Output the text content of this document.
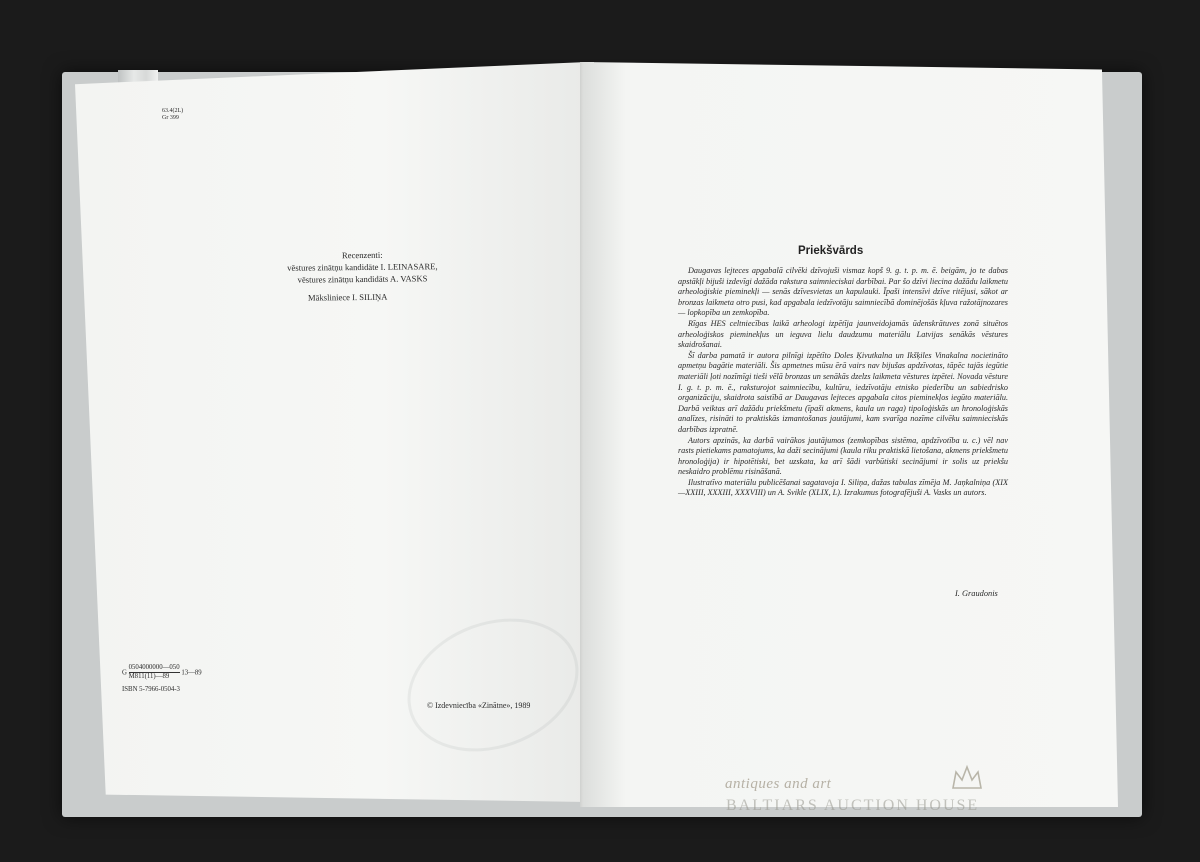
63.4(2L)
Gr 399
Recenzenti:
vēstures zinātņu kandidāte I. LEINASARE,
vēstures zinātņu kandidāts A. VASKS
Mākslinieсe I. SILIŅA
G $\frac{0504000000—050}{M811(11)—89}$ 13—89
ISBN 5-7966-0504-3
© Izdevniecība «Zinātne», 1989
Priekšvārds

Daugavas lejteces apgabalā cilvēki dzīvojuši vismaz kopš 9. g. t. p. m. ē. beigām, jo te dabas apstākļi bijuši izdevīgi dažāda rakstura saimnieciskai darbībai. Par šo dzīvi liecina dažādu laikmetu arheoloģiskie pieminekļi — senās dzīvesvietas un kapulauki. Īpaši intensīvi dzīve ritējusi, sākot ar bronzas laikmeta otro pusi, kad apgabala iedzīvotāju saimniecībā dominējošās kļuva ražotājnozares — lopkopība un zemkopība.

Rīgas HES celtniecības laikā arheologi izpētīja jaunveidojamās ūdenskrātuves zonā situētos arheoloģiskos pieminekļus un ieguva lielu daudzumu materiālu Latvijas senākās vēstures skaidrošanai.

Šī darba pamatā ir autora pilnīgi izpētīto Doles Ķivutkalna un Ikšķiles Vinakalna nocietināto apmetņu bagātie materiāli. Šis apmetnes mūsu ērā vairs nav bijušas apdzīvotas, tāpēc tajās iegūtie materiāli ļoti nozīmīgi tieši vēlā bronzas un senākās dzelzs laikmeta vēstures izpētei. Novada vēsture I. g. t. p. m. ē., raksturojot saimniecību, kultūru, iedzīvotāju etnisko piederību un sabiedrisko organizāciju, skaidrota saistībā ar Daugavas lejteces apgabala citos pieminekļos iegūto materiālu. Darbā veiktas arī dažādu priekšmetu (īpaši akmens, kaula un raga) tipoloģiskās un hronoloģiskās analīzes, risināti to praktiskās izmantošanas jautājumi, kam svarīga nozīme cilvēku saimnieciskās darbības izpratnē.

Autors apzinās, ka darbā vairākos jautājumos (zemkopības sistēma, apdzīvotība u. c.) vēl nav rasts pietiekams pamatojums, ka daži secinājumi (kaula riku praktiskā lietošana, akmens priekšmetu hronoloģija) ir hipotētiski, bet uzskata, ka arī šādi varbūtiski secinājumi ir solis uz priekšu neskaidro problēmu risināšanā.

Ilustratīvo materiālu publicēšanai sagatavoja I. Siliņa, dažas tabulas zīmēja M. Jaņkalniņa (XIX—XXIII, XXXIII, XXXVIII) un A. Svikle (XLIX, L). Izrakumus fotografējuši A. Vasks un autors.

I. Graudonis
antiques and art
BALTIARS AUCTION HOUSE
